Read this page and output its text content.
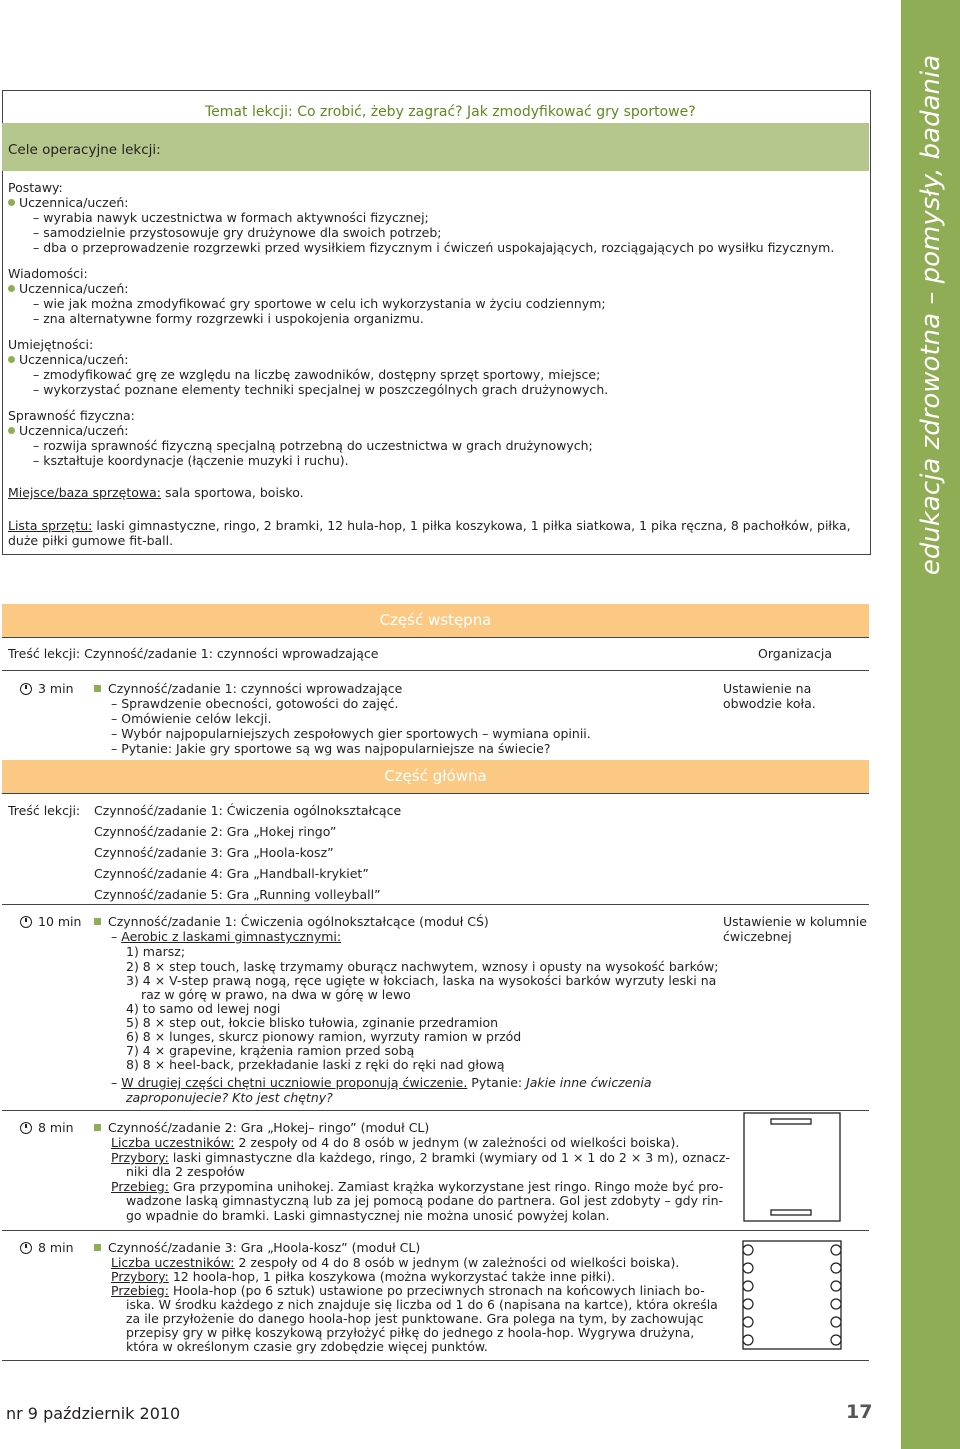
edukacja zdrowotna – pomysły, badania
Temat lekcji: Co zrobić, żeby zagrać? Jak zmodyfikować gry sportowe?
Cele operacyjne lekcji:
Postawy:
Uczennica/uczeń:
– wyrabia nawyk uczestnictwa w formach aktywności fizycznej;
– samodzielnie przystosowuje gry drużynowe dla swoich potrzeb;
– dba o przeprowadzenie rozgrzewki przed wysiłkiem fizycznym i ćwiczeń uspokajających, rozciągających po wysiłku fizycznym.
Wiadomości:
Uczennica/uczeń:
– wie jak można zmodyfikować gry sportowe w celu ich wykorzystania w życiu codziennym;
– zna alternatywne formy rozgrzewki i uspokojenia organizmu.
Umiejętności:
Uczennica/uczeń:
– zmodyfikować grę ze względu na liczbę zawodników, dostępny sprzęt sportowy, miejsce;
– wykorzystać poznane elementy techniki specjalnej w poszczególnych grach drużynowych.
Sprawność fizyczna:
Uczennica/uczeń:
– rozwija sprawność fizyczną specjalną potrzebną do uczestnictwa w grach drużynowych;
– kształtuje koordynacje (łączenie muzyki i ruchu).
Miejsce/baza sprzętowa: sala sportowa, boisko.
Lista sprzętu: laski gimnastyczne, ringo, 2 bramki, 12 hula-hop, 1 piłka koszykowa, 1 piłka siatkowa, 1 pika ręczna, 8 pachołków, piłka,
duże piłki gumowe fit-ball.
Część wstępna
Treść lekcji: Czynność/zadanie 1: czynności wprowadzające	Organizacja
3 min	Czynność/zadanie 1: czynności wprowadzające
– Sprawdzenie obecności, gotowości do zajęć.
– Omówienie celów lekcji.
– Wybór najpopularniejszych zespołowych gier sportowych – wymiana opinii.
– Pytanie: Jakie gry sportowe są wg was najpopularniejsze na świecie?
Ustawienie na
obwodzie koła.
Część główna
Treść lekcji: Czynność/zadanie 1: Ćwiczenia ogólnokształcące
Czynność/zadanie 2: Gra „Hokej ringo”
Czynność/zadanie 3: Gra „Hoola-kosz”
Czynność/zadanie 4: Gra „Handball-krykiet”
Czynność/zadanie 5: Gra „Running volleyball”
10 min	Czynność/zadanie 1: Ćwiczenia ogólnokształcące (moduł CŚ)
– Aerobic z laskami gimnastycznymi:
1) marsz;
2) 8 × step touch, laskę trzymamy oburącz nachwytem, wznosy i opusty na wysokość barków;
3) 4 × V-step prawą nogą, ręce ugięte w łokciach, laska na wysokości barków wyrzuty leski na
raz w górę w prawo, na dwa w górę w lewo
4) to samo od lewej nogi
5) 8 × step out, łokcie blisko tułowia, zginanie przedramion
6) 8 × lunges, skurcz pionowy ramion, wyrzuty ramion w przód
7) 4 × grapevine, krążenia ramion przed sobą
8) 8 × heel-back, przekładanie laski z ręki do ręki nad głową
– W drugiej części chętni uczniowie proponują ćwiczenie. Pytanie: Jakie inne ćwiczenia
zaproponujecie? Kto jest chętny?
Ustawienie w kolumnie
ćwiczebnej
8 min	Czynność/zadanie 2: Gra „Hokej– ringo” (moduł CL)
Liczba uczestników: 2 zespoły od 4 do 8 osób w jednym (w zależności od wielkości boiska).
Przybory: laski gimnastyczne dla każdego, ringo, 2 bramki (wymiary od 1 × 1 do 2 × 3 m), oznacz-
niki dla 2 zespołów
Przebieg: Gra przypomina unihokej. Zamiast krążka wykorzystane jest ringo. Ringo może być pro-
wadzone laską gimnastyczną lub za jej pomocą podane do partnera. Gol jest zdobyty – gdy rin-
go wpadnie do bramki. Laski gimnastycznej nie można unosić powyżej kolan.
8 min	Czynność/zadanie 3: Gra „Hoola-kosz” (moduł CL)
Liczba uczestników: 2 zespoły od 4 do 8 osób w jednym (w zależności od wielkości boiska).
Przybory: 12 hoola-hop, 1 piłka koszykowa (można wykorzystać także inne piłki).
Przebieg: Hoola-hop (po 6 sztuk) ustawione po przeciwnych stronach na końcowych liniach bo-
iska. W środku każdego z nich znajduje się liczba od 1 do 6 (napisana na kartce), która określa
za ile przyłożenie do danego hoola-hop jest punktowane. Gra polega na tym, by zachowując
przepisy gry w piłkę koszykową przyłożyć piłkę do jednego z hoola-hop. Wygrywa drużyna,
która w określonym czasie gry zdobędzie więcej punktów.
nr 9 październik 2010	17
